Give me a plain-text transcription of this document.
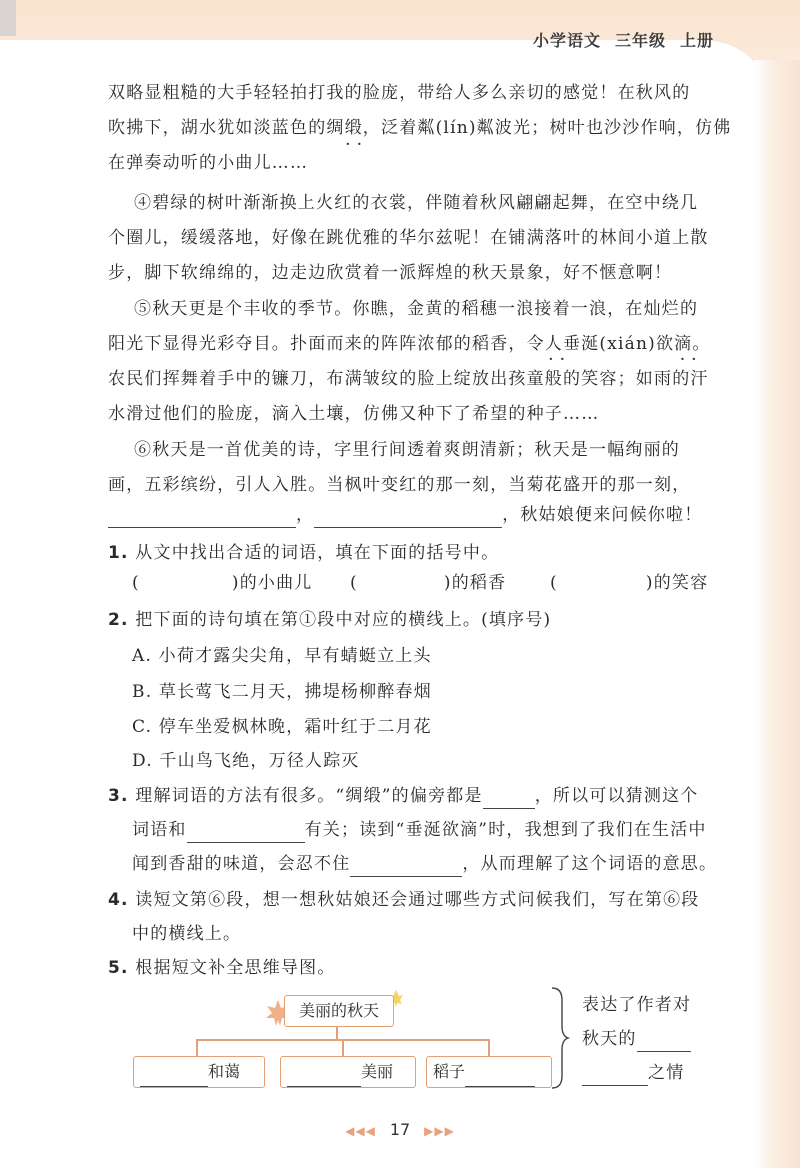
小学语文 三年级 上册
双略显粗糙的大手轻轻拍打我的脸庞，带给人多么亲切的感觉！在秋风的
吹拂下，湖水犹如淡蓝色的绸缎，泛着粼(lín)粼波光；树叶也沙沙作响，仿佛
· ·
在弹奏动听的小曲儿……
④碧绿的树叶渐渐换上火红的衣裳，伴随着秋风翩翩起舞，在空中绕几
个圈儿，缓缓落地，好像在跳优雅的华尔兹呢！在铺满落叶的林间小道上散
步，脚下软绵绵的，边走边欣赏着一派辉煌的秋天景象，好不惬意啊！
⑤秋天更是个丰收的季节。你瞧，金黄的稻穗一浪接着一浪，在灿烂的
阳光下显得光彩夺目。扑面而来的阵阵浓郁的稻香，令人垂涎(xián)欲滴。
· ·                    · ·
农民们挥舞着手中的镰刀，布满皱纹的脸上绽放出孩童般的笑容；如雨的汗
水滑过他们的脸庞，滴入土壤，仿佛又种下了希望的种子……
⑥秋天是一首优美的诗，字里行间透着爽朗清新；秋天是一幅绚丽的
画，五彩缤纷，引人入胜。当枫叶变红的那一刻，当菊花盛开的那一刻，
，	，秋姑娘便来问候你啦！
1. 从文中找出合适的词语，填在下面的括号中。
(	)的小曲儿 (	)的稻香	(	)的笑容
2. 把下面的诗句填在第①段中对应的横线上。(填序号)
A. 小荷才露尖尖角，早有蜻蜓立上头
B. 草长莺飞二月天，拂堤杨柳醉春烟
C. 停车坐爱枫林晚，霜叶红于二月花
D. 千山鸟飞绝，万径人踪灭
3. 理解词语的方法有很多。“绸缎”的偏旁都是	，所以可以猜测这个
词语和	有关；读到“垂涎欲滴”时，我想到了我们在生活中
闻到香甜的味道，会忍不住	，从而理解了这个词语的意思。
4. 读短文第⑥段，想一想秋姑娘还会通过哪些方式问候我们，写在第⑥段
中的横线上。
5. 根据短文补全思维导图。
美丽的秋天
和蔼	美丽	稻子
表达了作者对
秋天的
之情
◀◀◀ 17 ▶▶▶
